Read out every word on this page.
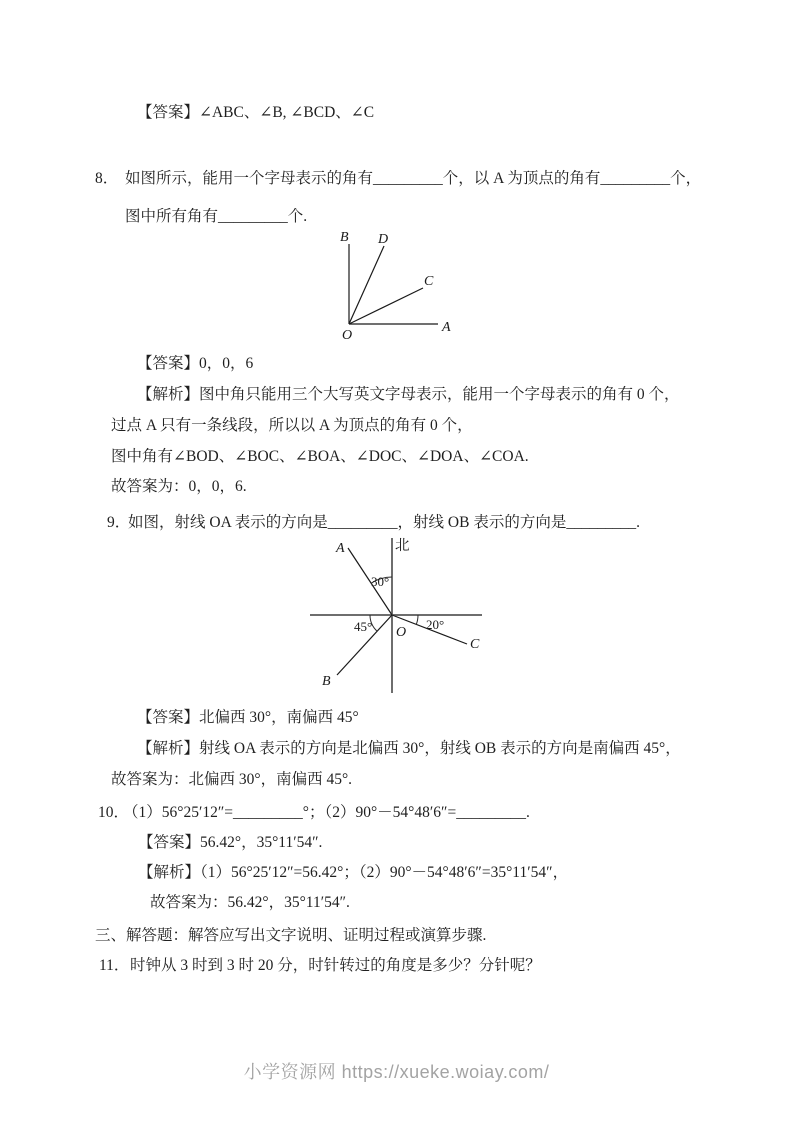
【答案】∠ABC、∠B, ∠BCD、∠C
8． 如图所示，能用一个字母表示的角有_________个，以 A 为顶点的角有_________个，
图中所有角有_________个.
B D
C
A
O
【答案】0，0，6
【解析】图中角只能用三个大写英文字母表示，能用一个字母表示的角有 0 个，
过点 A 只有一条线段，所以以 A 为顶点的角有 0 个，
图中角有∠BOD、∠BOC、∠BOA、∠DOC、∠DOA、∠COA.
故答案为：0，0，6.
9．
如图，射线 OA 表示的方向是_________，射线 OB 表示的方向是_________.
北
A
B
C
O
30°
45°	20°
【答案】北偏西 30°，南偏西 45°
【解析】射线 OA 表示的方向是北偏西 30°，射线 OB 表示的方向是南偏西 45°，
故答案为：北偏西 30°，南偏西 45°.
10．
（1）56°25′12″=_________°；（2）90°－54°48′6″=_________.
【答案】56.42°，35°11′54″.
【解析】（1）56°25′12″=56.42°；（2）90°－54°48′6″=35°11′54″，
故答案为：56.42°，35°11′54″.
三、解答题：解答应写出文字说明、证明过程或演算步骤.
11． 时钟从 3 时到 3 时 20 分，时针转过的角度是多少？分针呢？
小学资源网 https://xueke.woiay.com/
